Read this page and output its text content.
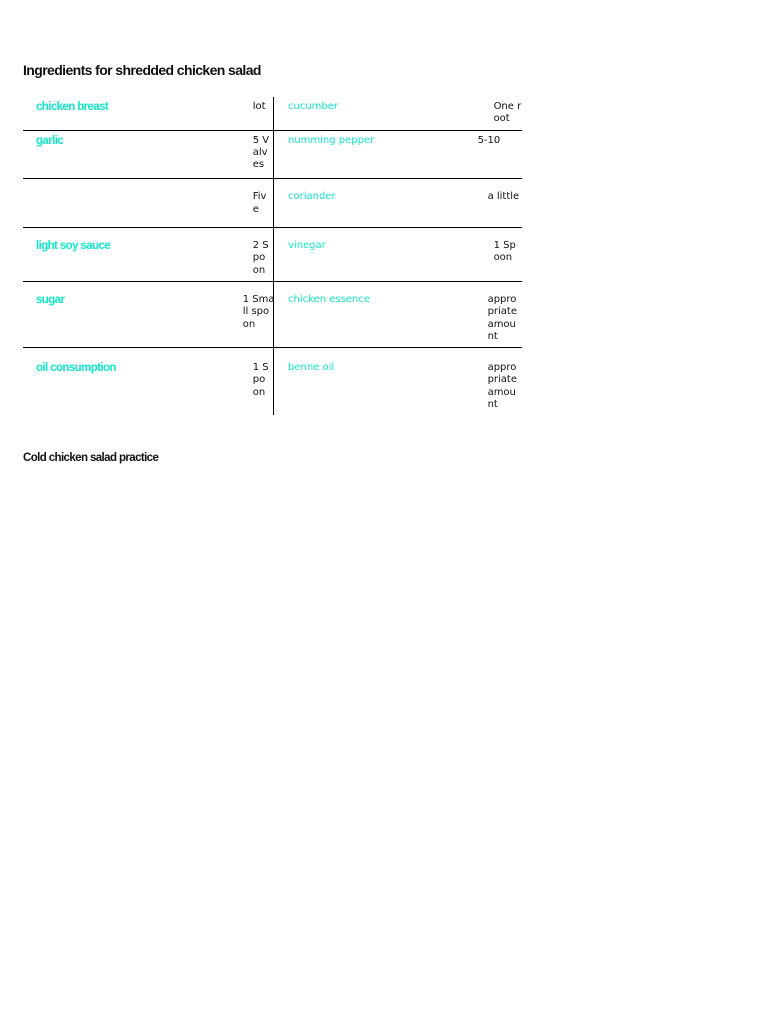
Ingredients for shredded chicken salad
chicken breast	lot	cucumber	One root

garlic	5 Valves	numming pepper	5-10

	Five	coriander	a little

light soy sauce	2 Spoon	vinegar	1 Spoon

sugar	1 Small spoon	chicken essence	appropriate amount

oil consumption	1 Spoon	benne oil	appropriate amount
Cold chicken salad practice
